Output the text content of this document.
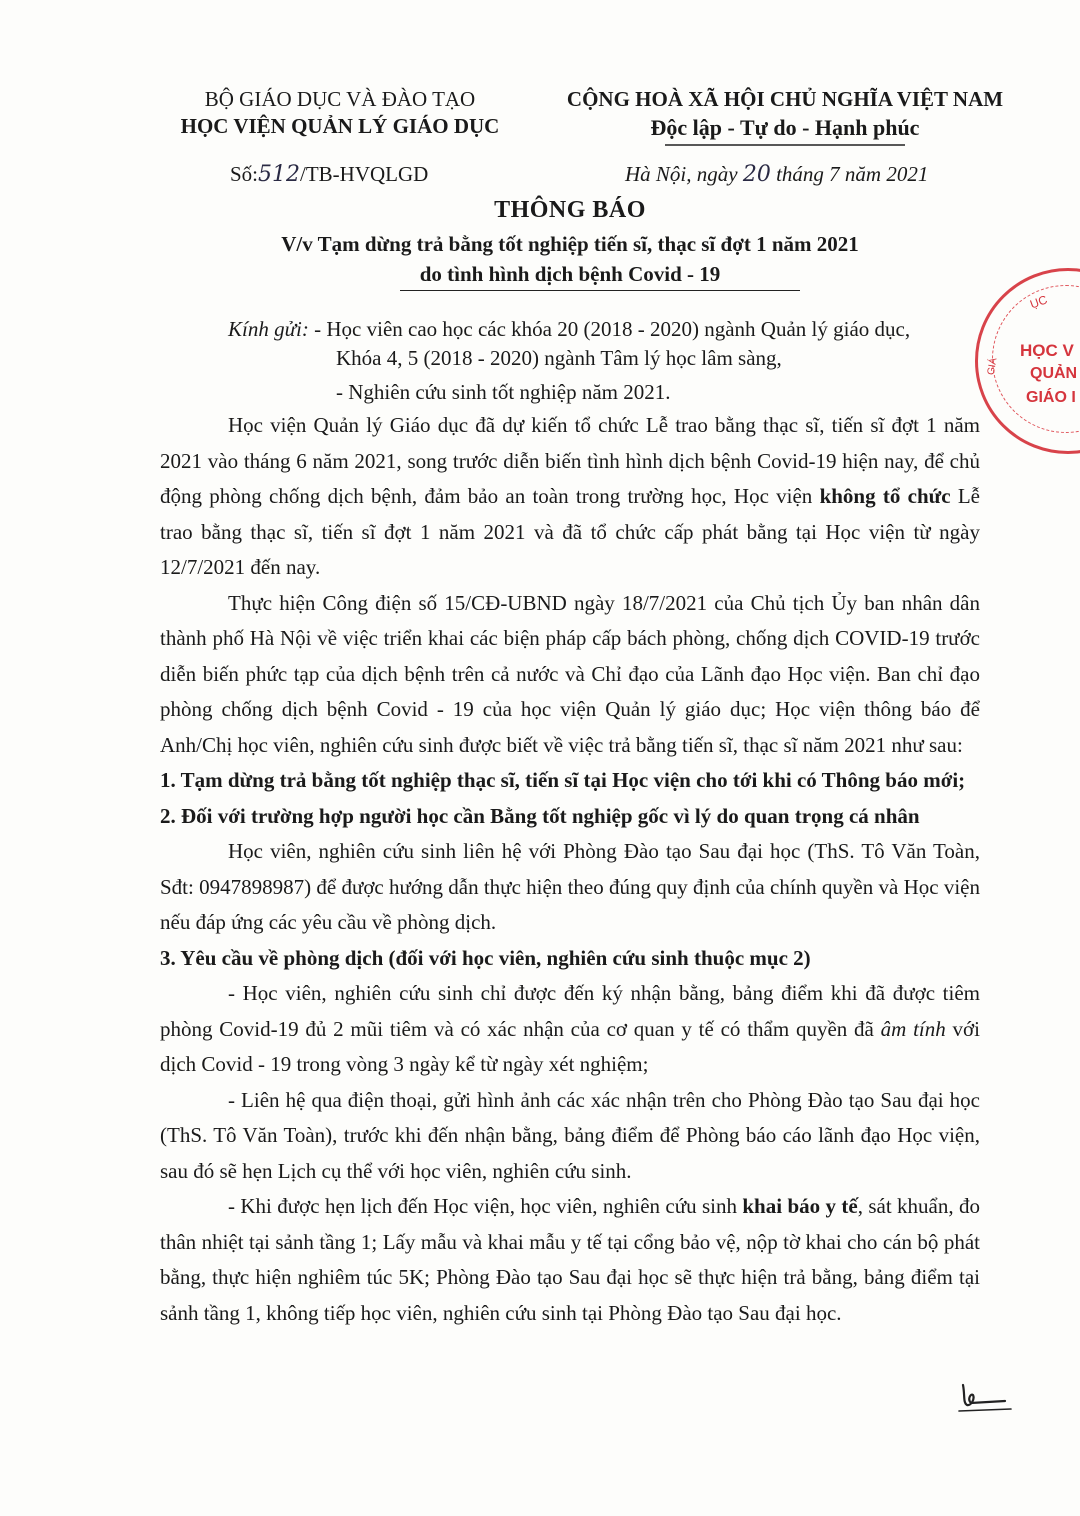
BỘ GIÁO DỤC VÀ ĐÀO TẠO
HỌC VIỆN QUẢN LÝ GIÁO DỤC
CỘNG HOÀ XÃ HỘI CHỦ NGHĨA VIỆT NAM
Độc lập - Tự do - Hạnh phúc
Số:512/TB-HVQLGD	Hà Nội, ngày 20 tháng 7 năm 2021
THÔNG BÁO
V/v Tạm dừng trả bằng tốt nghiệp tiến sĩ, thạc sĩ đợt 1 năm 2021
do tình hình dịch bệnh Covid - 19
Kính gửi: - Học viên cao học các khóa 20 (2018 - 2020) ngành Quản lý giáo dục,
Khóa 4, 5 (2018 - 2020) ngành Tâm lý học lâm sàng,
- Nghiên cứu sinh tốt nghiệp năm 2021.

Học viện Quản lý Giáo dục đã dự kiến tổ chức Lễ trao bằng thạc sĩ, tiến sĩ đợt 1 năm 2021 vào tháng 6 năm 2021, song trước diễn biến tình hình dịch bệnh Covid-19 hiện nay, để chủ động phòng chống dịch bệnh, đảm bảo an toàn trong trường học, Học viện không tổ chức Lễ trao bằng thạc sĩ, tiến sĩ đợt 1 năm 2021 và đã tổ chức cấp phát bằng tại Học viện từ ngày 12/7/2021 đến nay.

Thực hiện Công điện số 15/CĐ-UBND ngày 18/7/2021 của Chủ tịch Ủy ban nhân dân thành phố Hà Nội về việc triển khai các biện pháp cấp bách phòng, chống dịch COVID-19 trước diễn biến phức tạp của dịch bệnh trên cả nước và Chỉ đạo của Lãnh đạo Học viện. Ban chỉ đạo phòng chống dịch bệnh Covid - 19 của học viện Quản lý giáo dục; Học viện thông báo để Anh/Chị học viên, nghiên cứu sinh được biết về việc trả bằng tiến sĩ, thạc sĩ năm 2021 như sau:

1. Tạm dừng trả bằng tốt nghiệp thạc sĩ, tiến sĩ tại Học viện cho tới khi có Thông báo mới;

2. Đối với trường hợp người học cần Bằng tốt nghiệp gốc vì lý do quan trọng cá nhân

Học viên, nghiên cứu sinh liên hệ với Phòng Đào tạo Sau đại học (ThS. Tô Văn Toàn, Sđt: 0947898987) để được hướng dẫn thực hiện theo đúng quy định của chính quyền và Học viện nếu đáp ứng các yêu cầu về phòng dịch.

3. Yêu cầu về phòng dịch (đối với học viên, nghiên cứu sinh thuộc mục 2)

- Học viên, nghiên cứu sinh chỉ được đến ký nhận bằng, bảng điểm khi đã được tiêm phòng Covid-19 đủ 2 mũi tiêm và có xác nhận của cơ quan y tế có thẩm quyền đã âm tính với dịch Covid - 19 trong vòng 3 ngày kể từ ngày xét nghiệm;

- Liên hệ qua điện thoại, gửi hình ảnh các xác nhận trên cho Phòng Đào tạo Sau đại học (ThS. Tô Văn Toàn), trước khi đến nhận bằng, bảng điểm để Phòng báo cáo lãnh đạo Học viện, sau đó sẽ hẹn Lịch cụ thể với học viên, nghiên cứu sinh.

- Khi được hẹn lịch đến Học viện, học viên, nghiên cứu sinh khai báo y tế, sát khuẩn, đo thân nhiệt tại sảnh tầng 1; Lấy mẫu và khai mẫu y tế tại cổng bảo vệ, nộp tờ khai cho cán bộ phát bằng, thực hiện nghiêm túc 5K; Phòng Đào tạo Sau đại học sẽ thực hiện trả bằng, bảng điểm tại sảnh tầng 1, không tiếp học viên, nghiên cứu sinh tại Phòng Đào tạo Sau đại học.

ỤC
GIÁ
HỌC V
QUẢN
GIÁO I
